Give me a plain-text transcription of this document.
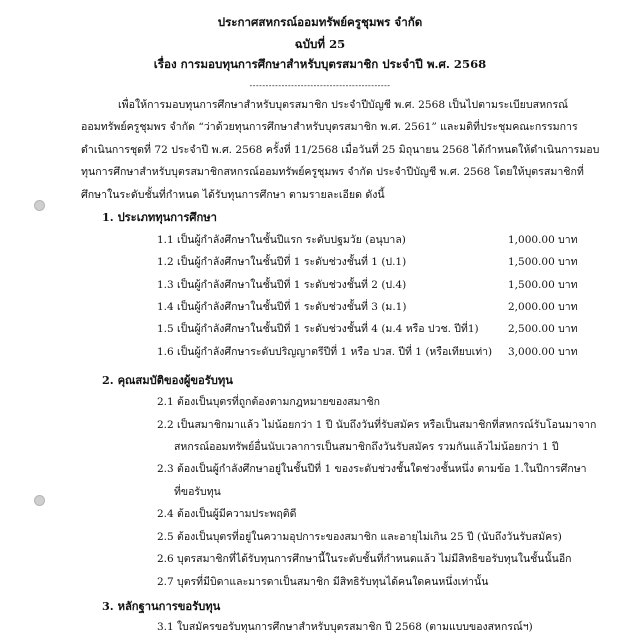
ประกาศสหกรณ์ออมทรัพย์ครูชุมพร จำกัด
ฉบับที่ 25
เรื่อง การมอบทุนการศึกษาสำหรับบุตรสมาชิก ประจำปี พ.ศ. 2568
--------------------------------------------
เพื่อให้การมอบทุนการศึกษาสำหรับบุตรสมาชิก ประจำปีบัญชี พ.ศ. 2568 เป็นไปตามระเบียบสหกรณ์
ออมทรัพย์ครูชุมพร จำกัด “ว่าด้วยทุนการศึกษาสำหรับบุตรสมาชิก พ.ศ. 2561” และมติที่ประชุมคณะกรรมการ
ดำเนินการชุดที่ 72 ประจำปี พ.ศ. 2568 ครั้งที่ 11/2568 เมื่อวันที่ 25 มิถุนายน 2568 ได้กำหนดให้ดำเนินการมอบ
ทุนการศึกษาสำหรับบุตรสมาชิกสหกรณ์ออมทรัพย์ครูชุมพร จำกัด ประจำปีบัญชี พ.ศ. 2568 โดยให้บุตรสมาชิกที่
ศึกษาในระดับชั้นที่กำหนด ได้รับทุนการศึกษา ตามรายละเอียด ดังนี้
1. ประเภททุนการศึกษา
1.1 เป็นผู้กำลังศึกษาในชั้นปีแรก ระดับปฐมวัย (อนุบาล)	1,000.00 บาท
1.2 เป็นผู้กำลังศึกษาในชั้นปีที่ 1 ระดับช่วงชั้นที่ 1 (ป.1)	1,500.00 บาท
1.3 เป็นผู้กำลังศึกษาในชั้นปีที่ 1 ระดับช่วงชั้นที่ 2 (ป.4)	1,500.00 บาท
1.4 เป็นผู้กำลังศึกษาในชั้นปีที่ 1 ระดับช่วงชั้นที่ 3 (ม.1)	2,000.00 บาท
1.5 เป็นผู้กำลังศึกษาในชั้นปีที่ 1 ระดับช่วงชั้นที่ 4 (ม.4 หรือ ปวช. ปีที่1)	2,500.00 บาท
1.6 เป็นผู้กำลังศึกษาระดับปริญญาตรีปีที่ 1 หรือ ปวส. ปีที่ 1 (หรือเทียบเท่า) 3,000.00 บาท
2. คุณสมบัติของผู้ขอรับทุน
2.1 ต้องเป็นบุตรที่ถูกต้องตามกฎหมายของสมาชิก
2.2 เป็นสมาชิกมาแล้ว ไม่น้อยกว่า 1 ปี นับถึงวันที่รับสมัคร หรือเป็นสมาชิกที่สหกรณ์รับโอนมาจาก
สหกรณ์ออมทรัพย์อื่นนับเวลาการเป็นสมาชิกถึงวันรับสมัคร รวมกันแล้วไม่น้อยกว่า 1 ปี
2.3 ต้องเป็นผู้กำลังศึกษาอยู่ในชั้นปีที่ 1 ของระดับช่วงชั้นใดช่วงชั้นหนึ่ง ตามข้อ 1.ในปีการศึกษา
ที่ขอรับทุน
2.4 ต้องเป็นผู้มีความประพฤติดี
2.5 ต้องเป็นบุตรที่อยู่ในความอุปการะของสมาชิก และอายุไม่เกิน 25 ปี (นับถึงวันรับสมัคร)
2.6 บุตรสมาชิกที่ได้รับทุนการศึกษานี้ในระดับชั้นที่กำหนดแล้ว ไม่มีสิทธิขอรับทุนในชั้นนั้นอีก
2.7 บุตรที่มีบิดาและมารดาเป็นสมาชิก มีสิทธิรับทุนได้คนใดคนหนึ่งเท่านั้น
3. หลักฐานการขอรับทุน
3.1 ใบสมัครขอรับทุนการศึกษาสำหรับบุตรสมาชิก ปี 2568 (ตามแบบของสหกรณ์ฯ)
